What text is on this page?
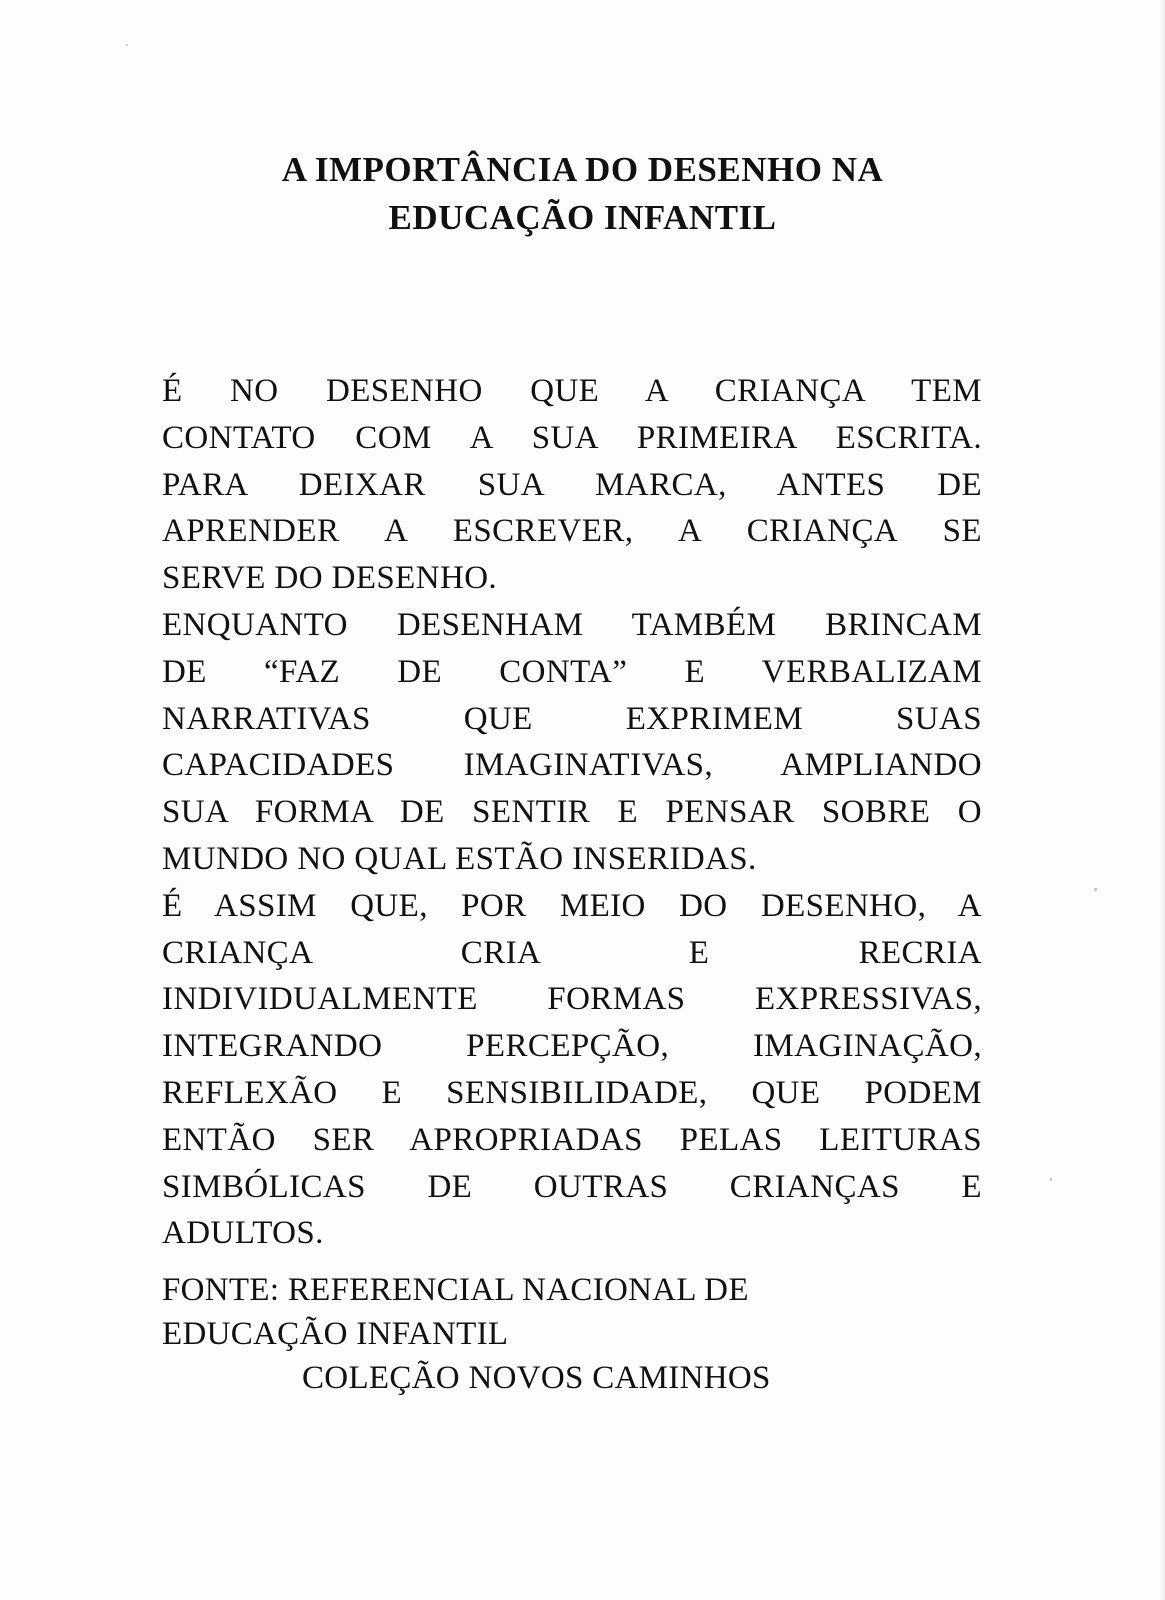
A IMPORTÂNCIA DO DESENHO NA
EDUCAÇÃO INFANTIL
É NO DESENHO QUE A CRIANÇA TEM
CONTATO COM A SUA PRIMEIRA ESCRITA.
PARA DEIXAR SUA MARCA, ANTES DE
APRENDER A ESCREVER, A CRIANÇA SE
SERVE DO DESENHO.
ENQUANTO DESENHAM TAMBÉM BRINCAM
DE “FAZ DE CONTA” E VERBALIZAM
NARRATIVAS QUE EXPRIMEM SUAS
CAPACIDADES IMAGINATIVAS, AMPLIANDO
SUA FORMA DE SENTIR E PENSAR SOBRE O
MUNDO NO QUAL ESTÃO INSERIDAS.
É ASSIM QUE, POR MEIO DO DESENHO, A
CRIANÇA CRIA E RECRIA
INDIVIDUALMENTE FORMAS EXPRESSIVAS,
INTEGRANDO PERCEPÇÃO, IMAGINAÇÃO,
REFLEXÃO E SENSIBILIDADE, QUE PODEM
ENTÃO SER APROPRIADAS PELAS LEITURAS
SIMBÓLICAS DE OUTRAS CRIANÇAS E
ADULTOS.
FONTE: REFERENCIAL NACIONAL DE
EDUCAÇÃO INFANTIL
COLEÇÃO NOVOS CAMINHOS
